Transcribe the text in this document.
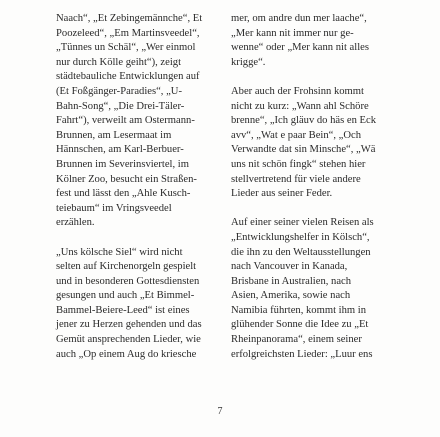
Naach“, „Et Zebingemännche“, Et
Poozeleed“, „Em Martinsveedel“,
„Tünnes un Schäl“, „Wer einmol
nur durch Kölle geiht“), zeigt
städtebauliche Entwicklungen auf
(Et Foßgänger-Paradies“, „U-
Bahn-Song“, „Die Drei-Täler-
Fahrt“), verweilt am Ostermann-
Brunnen, am Lesermaat im
Hännschen, am Karl-Berbuer-
Brunnen im Severinsviertel, im
Kölner Zoo, besucht ein Straßen-
fest und lässt den „Ahle Kusch-
teiebaum“ im Vringsveedel
erzählen.
„Uns kölsche Siel“ wird nicht
selten auf Kirchenorgeln gespielt
und in besonderen Gottesdiensten
gesungen und auch „Et Bimmel-
Bammel-Beiere-Leed“ ist eines
jener zu Herzen gehenden und das
Gemüt ansprechenden Lieder, wie
auch „Op einem Aug do kriesche
mer, om andre dun mer laache“,
„Mer kann nit immer nur ge-
wenne“ oder „Mer kann nit alles
krigge“.
Aber auch der Frohsinn kommt
nicht zu kurz: „Wann ahl Schöre
brenne“, „Ich gläuv do häs en Eck
avv“, „Wat e paar Bein“, „Och
Verwandte dat sin Minsche“, „Wä
uns nit schön fingk“ stehen hier
stellvertretend für viele andere
Lieder aus seiner Feder.
Auf einer seiner vielen Reisen als
„Entwicklungshelfer in Kölsch“,
die ihn zu den Weltausstellungen
nach Vancouver in Kanada,
Brisbane in Australien, nach
Asien, Amerika, sowie nach
Namibia führten, kommt ihm in
glühender Sonne die Idee zu „Et
Rheinpanorama“, einem seiner
erfolgreichsten Lieder: „Luur ens
7
